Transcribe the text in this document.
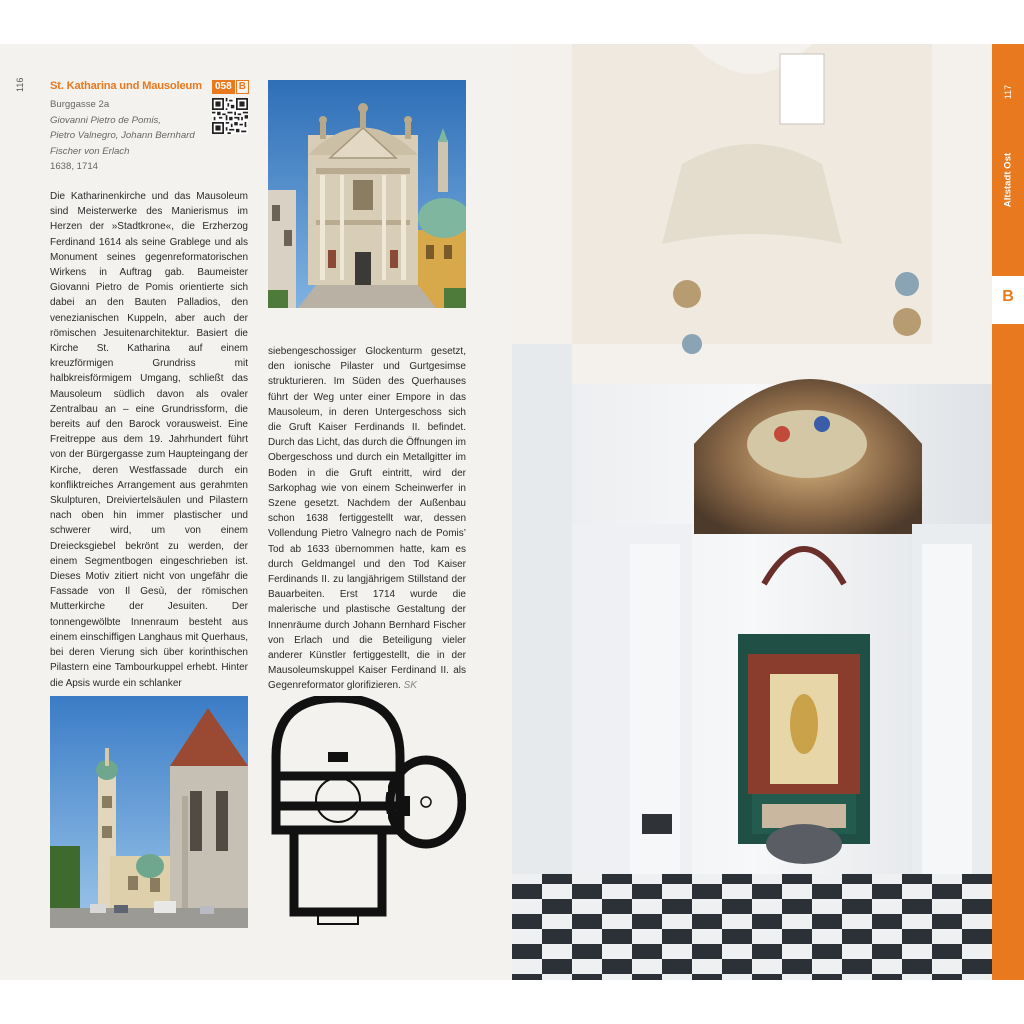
116 St. Katharina und Mausoleum	058 B
Burggasse 2a
Giovanni Pietro de Pomis,
Pietro Valnegro, Johann Bernhard
Fischer von Erlach
1638, 1714
Die Katharinenkirche und das Mausoleum sind Meisterwerke des Manierismus im Herzen der »Stadtkrone«, die Erzherzog Ferdinand 1614 als seine Grablege und als Monument seines gegenreformatorischen Wirkens in Auftrag gab. Baumeister Giovanni Pietro de Pomis orientierte sich dabei an den Bauten Palladios, den venezianischen Kuppeln, aber auch der römischen Jesuitenarchitektur. Basiert die Kirche St. Katharina auf einem kreuzförmigen Grundriss mit halbkreisförmigem Umgang, schließt das Mausoleum südlich davon als ovaler Zentralbau an – eine Grundrissform, die bereits auf den Barock vorausweist. Eine Freitreppe aus dem 19. Jahrhundert führt von der Bürgergasse zum Haupteingang der Kirche, deren Westfassade durch ein konfliktreiches Arrangement aus gerahmten Skulpturen, Dreiviertelsäulen und Pilastern nach oben hin immer plastischer und schwerer wird, um von einem Dreiecksgiebel bekrönt zu werden, der einem Segmentbogen eingeschrieben ist. Dieses Motiv zitiert nicht von ungefähr die Fassade von Il Gesù, der römischen Mutterkirche der Jesuiten. Der tonnengewölbte Innenraum besteht aus einem einschiffigen Langhaus mit Querhaus, bei deren Vierung sich über korinthischen Pilastern eine Tambourkuppel erhebt. Hinter die Apsis wurde ein schlanker
siebengeschossiger Glockenturm gesetzt, den ionische Pilaster und Gurtgesimse strukturieren. Im Süden des Querhauses führt der Weg unter einer Empore in das Mausoleum, in deren Untergeschoss sich die Gruft Kaiser Ferdinands II. befindet. Durch das Licht, das durch die Öffnungen im Obergeschoss und durch ein Metallgitter im Boden in die Gruft eintritt, wird der Sarkophag wie von einem Scheinwerfer in Szene gesetzt. Nachdem der Außenbau schon 1638 fertiggestellt war, dessen Vollendung Pietro Valnegro nach de Pomis’ Tod ab 1633 übernommen hatte, kam es durch Geldmangel und den Tod Kaiser Ferdinands II. zu langjährigem Stillstand der Bauarbeiten. Erst 1714 wurde die malerische und plastische Gestaltung der Innenräume durch Johann Bernhard Fischer von Erlach und die Beteiligung vieler anderer Künstler fertiggestellt, die in der Mausoleumskuppel Kaiser Ferdinand II. als Gegenreformator glorifizieren. SK
117
Altstadt Ost
B
